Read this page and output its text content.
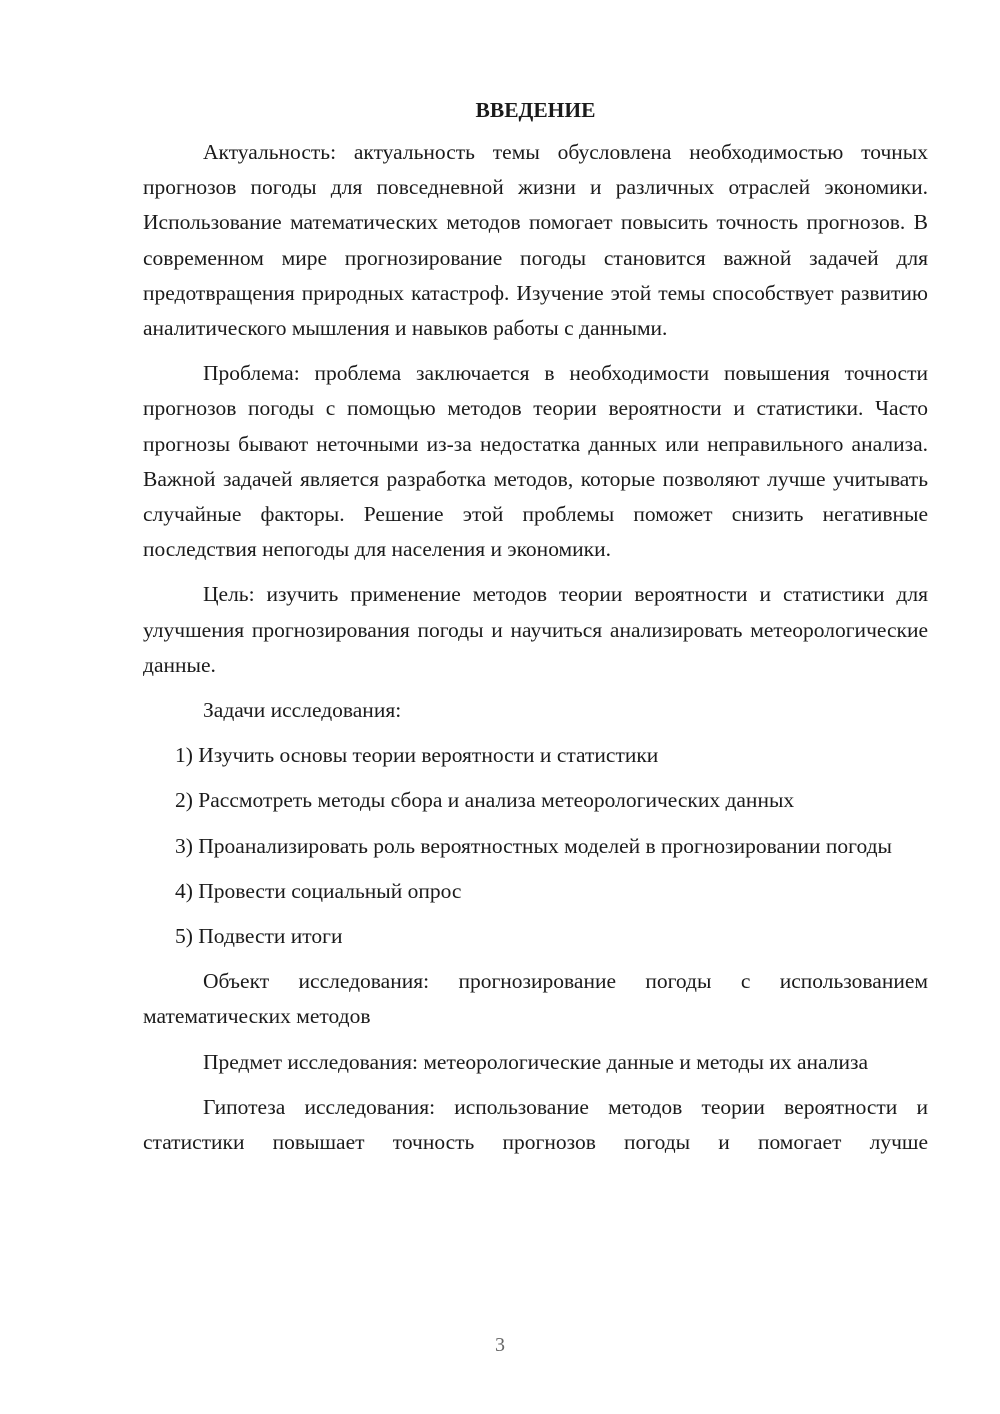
ВВЕДЕНИЕ

Актуальность: актуальность темы обусловлена необходимостью точных прогнозов погоды для повседневной жизни и различных отраслей экономики. Использование математических методов помогает повысить точность прогнозов. В современном мире прогнозирование погоды становится важной задачей для предотвращения природных катастроф. Изучение этой темы способствует развитию аналитического мышления и навыков работы с данными.

Проблема: проблема заключается в необходимости повышения точности прогнозов погоды с помощью методов теории вероятности и статистики. Часто прогнозы бывают неточными из-за недостатка данных или неправильного анализа. Важной задачей является разработка методов, которые позволяют лучше учитывать случайные факторы. Решение этой проблемы поможет снизить негативные последствия непогоды для населения и экономики.

Цель: изучить применение методов теории вероятности и статистики для улучшения прогнозирования погоды и научиться анализировать метеорологические данные.

Задачи исследования:

1) Изучить основы теории вероятности и статистики

2) Рассмотреть методы сбора и анализа метеорологических данных

3) Проанализировать роль вероятностных моделей в прогнозировании погоды

4) Провести социальный опрос

5) Подвести итоги

Объект исследования: прогнозирование погоды с использованием математических методов

Предмет исследования: метеорологические данные и методы их анализа

Гипотеза исследования: использование методов теории вероятности и статистики повышает точность прогнозов погоды и помогает лучше

3
